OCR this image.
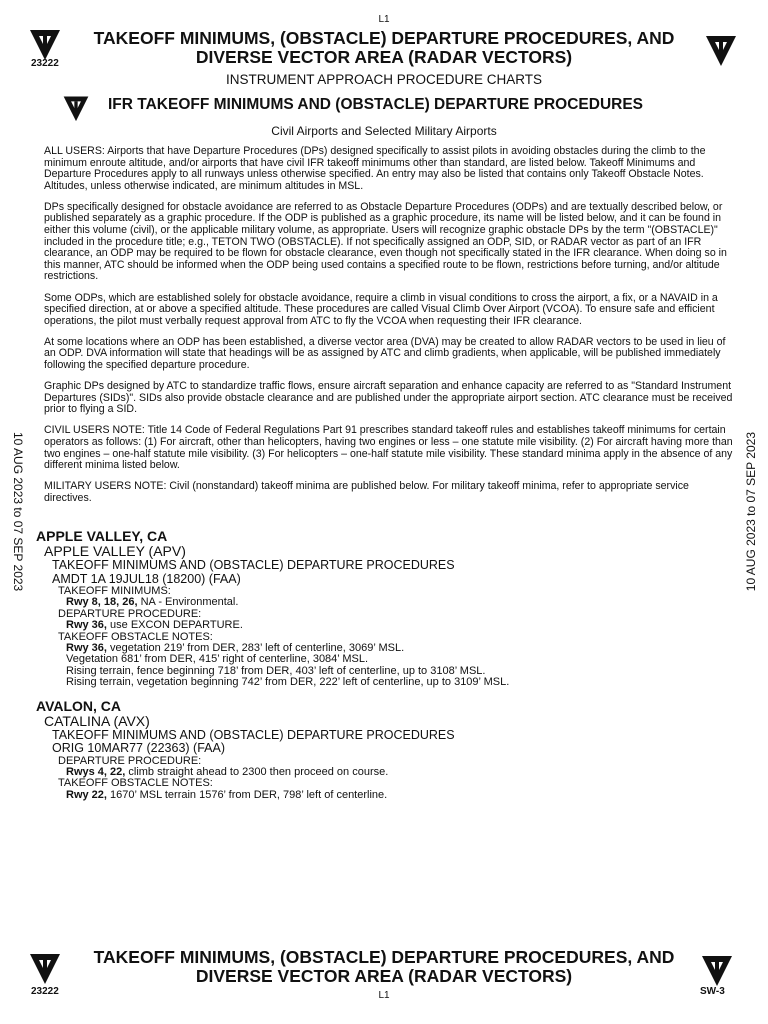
L1
23222
TAKEOFF MINIMUMS, (OBSTACLE) DEPARTURE PROCEDURES, AND
DIVERSE VECTOR AREA (RADAR VECTORS)
INSTRUMENT APPROACH PROCEDURE CHARTS
IFR TAKEOFF MINIMUMS AND (OBSTACLE) DEPARTURE PROCEDURES
Civil Airports and Selected Military Airports
10 AUG 2023 to 07 SEP 2023	10 AUG 2023 to 07 SEP 2023

ALL USERS: Airports that have Departure Procedures (DPs) designed specifically to assist pilots in avoiding obstacles during the climb to the minimum enroute altitude, and/or airports that have civil IFR takeoff minimums other than standard, are listed below. Takeoff Minimums and Departure Procedures apply to all runways unless otherwise specified. An entry may also be listed that contains only Takeoff Obstacle Notes. Altitudes, unless otherwise indicated, are minimum altitudes in MSL.

DPs specifically designed for obstacle avoidance are referred to as Obstacle Departure Procedures (ODPs) and are textually described below, or published separately as a graphic procedure. If the ODP is published as a graphic procedure, its name will be listed below, and it can be found in either this volume (civil), or the applicable military volume, as appropriate. Users will recognize graphic obstacle DPs by the term "(OBSTACLE)" included in the procedure title; e.g., TETON TWO (OBSTACLE). If not specifically assigned an ODP, SID, or RADAR vector as part of an IFR clearance, an ODP may be required to be flown for obstacle clearance, even though not specifically stated in the IFR clearance. When doing so in this manner, ATC should be informed when the ODP being used contains a specified route to be flown, restrictions before turning, and/or altitude restrictions.

Some ODPs, which are established solely for obstacle avoidance, require a climb in visual conditions to cross the airport, a fix, or a NAVAID in a specified direction, at or above a specified altitude. These procedures are called Visual Climb Over Airport (VCOA). To ensure safe and efficient operations, the pilot must verbally request approval from ATC to fly the VCOA when requesting their IFR clearance.

At some locations where an ODP has been established, a diverse vector area (DVA) may be created to allow RADAR vectors to be used in lieu of an ODP. DVA information will state that headings will be as assigned by ATC and climb gradients, when applicable, will be published immediately following the specified departure procedure.

Graphic DPs designed by ATC to standardize traffic flows, ensure aircraft separation and enhance capacity are referred to as "Standard Instrument Departures (SIDs)". SIDs also provide obstacle clearance and are published under the appropriate airport section. ATC clearance must be received prior to flying a SID.

CIVIL USERS NOTE: Title 14 Code of Federal Regulations Part 91 prescribes standard takeoff rules and establishes takeoff minimums for certain operators as follows: (1) For aircraft, other than helicopters, having two engines or less – one statute mile visibility. (2) For aircraft having more than two engines – one-half statute mile visibility. (3) For helicopters – one-half statute mile visibility. These standard minima apply in the absence of any different minima listed below.

MILITARY USERS NOTE: Civil (nonstandard) takeoff minima are published below. For military takeoff minima, refer to appropriate service directives.

APPLE VALLEY, CA
APPLE VALLEY (APV)
TAKEOFF MINIMUMS AND (OBSTACLE) DEPARTURE PROCEDURES
AMDT 1A 19JUL18 (18200) (FAA)
TAKEOFF MINIMUMS:
Rwy 8, 18, 26, NA - Environmental.
DEPARTURE PROCEDURE:
Rwy 36, use EXCON DEPARTURE.
TAKEOFF OBSTACLE NOTES:
Rwy 36, vegetation 219’ from DER, 283’ left of centerline, 3069’ MSL.
Vegetation 681’ from DER, 415’ right of centerline, 3084’ MSL.
Rising terrain, fence beginning 718’ from DER, 403’ left of centerline, up to 3108’ MSL.
Rising terrain, vegetation beginning 742’ from DER, 222’ left of centerline, up to 3109’ MSL.
AVALON, CA
CATALINA (AVX)
TAKEOFF MINIMUMS AND (OBSTACLE) DEPARTURE PROCEDURES
ORIG 10MAR77 (22363) (FAA)
DEPARTURE PROCEDURE:
Rwys 4, 22, climb straight ahead to 2300 then proceed on course.
TAKEOFF OBSTACLE NOTES:
Rwy 22, 1670’ MSL terrain 1576’ from DER, 798’ left of centerline.
23222
TAKEOFF MINIMUMS, (OBSTACLE) DEPARTURE PROCEDURES, AND
DIVERSE VECTOR AREA (RADAR VECTORS)
SW-3
L1
